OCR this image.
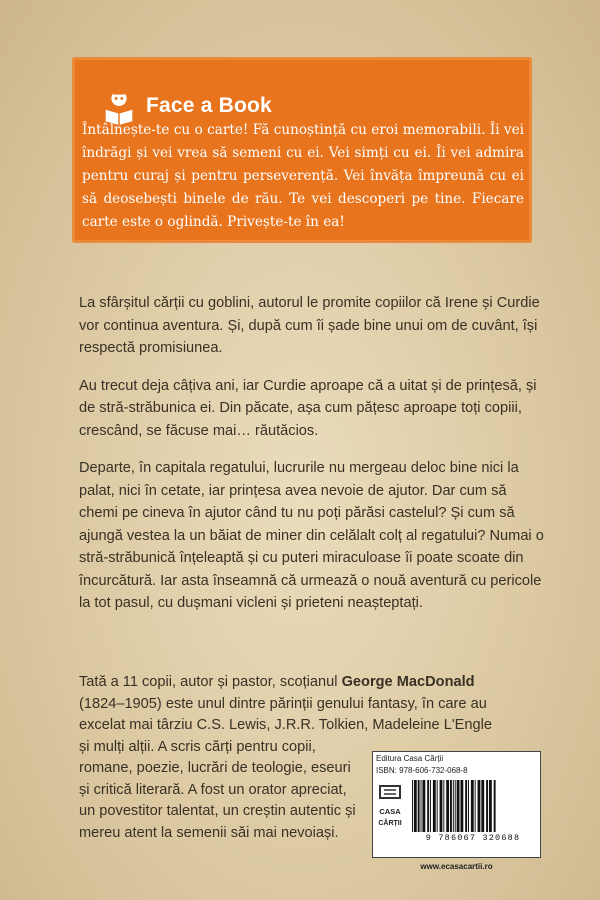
Face a Book

Întâlnește-te cu o carte! Fă cunoștință cu eroi memorabili. Îi vei îndrăgi și vei vrea să semeni cu ei. Vei simți cu ei. Îi vei admira pentru curaj și pentru perseverență. Vei învăța împreună cu ei să deosebești binele de rău. Te vei descoperi pe tine. Fiecare carte este o oglindă. Privește-te în ea!

La sfârșitul cărții cu goblini, autorul le promite copiilor că Irene și Curdie vor continua aventura. Și, după cum îi șade bine unui om de cuvânt, își respectă promisiunea.

Au trecut deja câțiva ani, iar Curdie aproape că a uitat și de prințesă, și de stră-străbunica ei. Din păcate, așa cum pățesc aproape toți copiii, crescând, se făcuse mai… răutăcios.

Departe, în capitala regatului, lucrurile nu mergeau deloc bine nici la palat, nici în cetate, iar prințesa avea nevoie de ajutor. Dar cum să chemi pe cineva în ajutor când tu nu poți părăsi castelul? Și cum să ajungă vestea la un băiat de miner din celălalt colț al regatului? Numai o stră-străbunică înțeleaptă și cu puteri miraculoase îi poate scoate din încurcătură. Iar asta înseamnă că urmează o nouă aventură cu pericole la tot pasul, cu dușmani vicleni și prieteni neașteptați.

Tată a 11 copii, autor și pastor, scoțianul George MacDonald
(1824–1905) este unul dintre părinții genului fantasy, în care au
excelat mai târziu C.S. Lewis, J.R.R. Tolkien, Madeleine L'Engle
și mulți alții. A scris cărți pentru copii, romane, poezie, lucrări de teologie, eseuri și critică literară. A fost un orator apreciat, un povestitor talentat, un creștin autentic și mereu atent la semenii săi mai nevoiași.
Editura Casa Cărții
ISBN: 978-606-732-068-8
CASA
CĂRȚII
9 786067 320688
www.ecasacartii.ro
